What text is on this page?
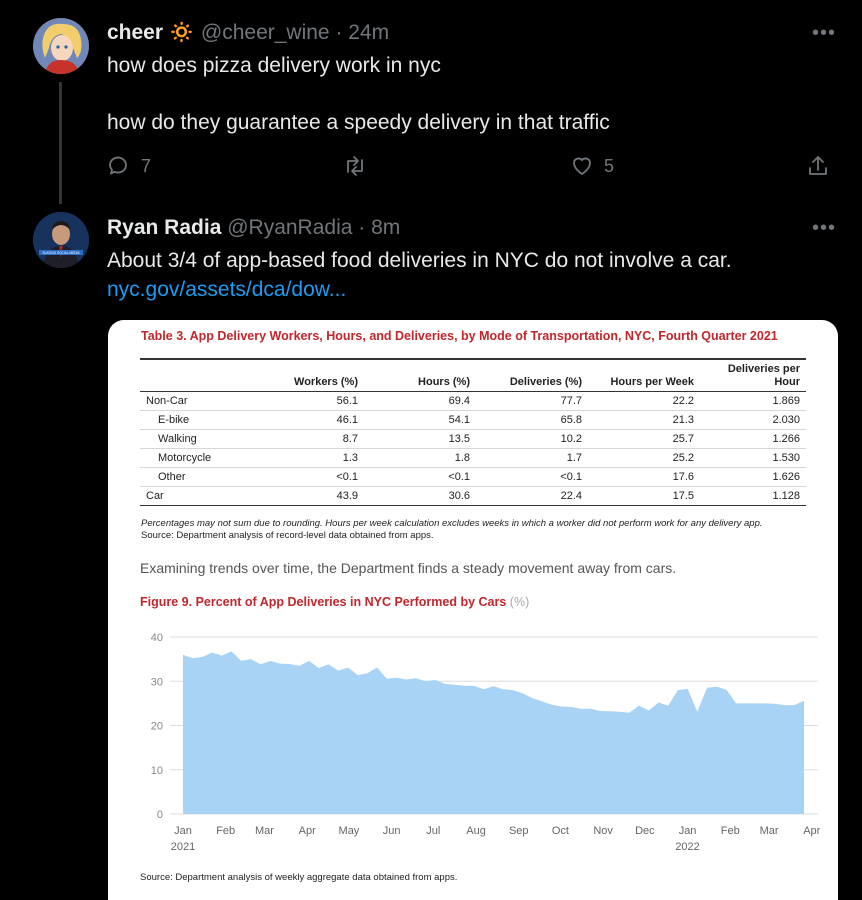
cheer 🔅 @cheer_wine · 24m	•••
how does pizza delivery work in nyc
how do they guarantee a speedy delivery in that traffic
7	5
SLAYING SOCIAL MEDIA
Ryan Radia @RyanRadia · 8m	•••
About 3/4 of app-based food deliveries in NYC do not involve a car.
nyc.gov/assets/dca/dow...
Table 3. App Delivery Workers, Hours, and Deliveries, by Mode of Transportation, NYC, Fourth Quarter 2021
	Workers (%)	Hours (%)	Deliveries (%)	Hours per Week	Deliveries per Hour
Non-Car	56.1	69.4	77.7	22.2	1.869
E-bike	46.1	54.1	65.8	21.3	2.030
Walking	8.7	13.5	10.2	25.7	1.266
Motorcycle	1.3	1.8	1.7	25.2	1.530
Other	<0.1	<0.1	<0.1	17.6	1.626
Car	43.9	30.6	22.4	17.5	1.128
Percentages may not sum due to rounding. Hours per week calculation excludes weeks in which a worker did not perform work for any delivery app.
Source: Department analysis of record-level data obtained from apps.
Examining trends over time, the Department finds a steady movement away from cars.
Figure 9. Percent of App Deliveries in NYC Performed by Cars (%)
0
10
20
30
40
Jan
2021
Feb Mar Apr May Jun Jul Aug Sep Oct Nov Dec Jan
2022
Feb Mar Apr
Source: Department analysis of weekly aggregate data obtained from apps.
